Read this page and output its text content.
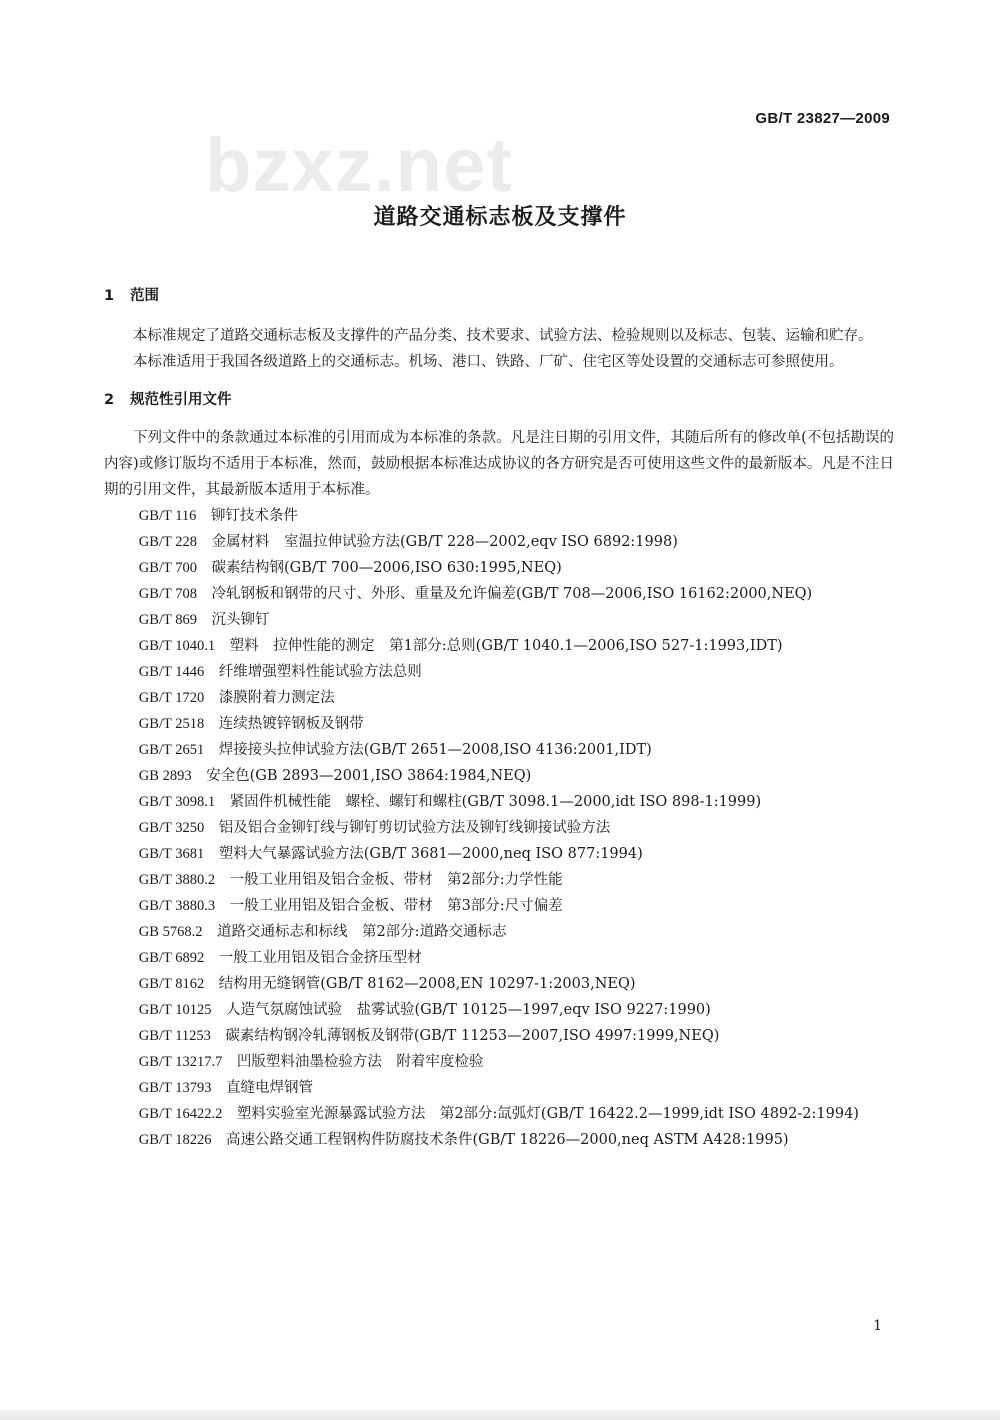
GB/T 23827—2009
bzxz.net
道路交通标志板及支撑件
1 范围

本标准规定了道路交通标志板及支撑件的产品分类、技术要求、试验方法、检验规则以及标志、包装、运输和贮存。

本标准适用于我国各级道路上的交通标志。机场、港口、铁路、厂矿、住宅区等处设置的交通标志可参照使用。

2 规范性引用文件

下列文件中的条款通过本标准的引用而成为本标准的条款。凡是注日期的引用文件，其随后所有的修改单(不包括勘误的内容)或修订版均不适用于本标准，然而，鼓励根据本标准达成协议的各方研究是否可使用这些文件的最新版本。凡是不注日期的引用文件，其最新版本适用于本标准。

GB/T 116 铆钉技术条件
GB/T 228 金属材料　室温拉伸试验方法(GB/T 228—2002,eqv ISO 6892:1998)
GB/T 700 碳素结构钢(GB/T 700—2006,ISO 630:1995,NEQ)
GB/T 708 冷轧钢板和钢带的尺寸、外形、重量及允许偏差(GB/T 708—2006,ISO 16162:2000,NEQ)
GB/T 869 沉头铆钉
GB/T 1040.1 塑料　拉伸性能的测定　第1部分:总则(GB/T 1040.1—2006,ISO 527-1:1993,IDT)
GB/T 1446 纤维增强塑料性能试验方法总则
GB/T 1720 漆膜附着力测定法
GB/T 2518 连续热镀锌钢板及钢带
GB/T 2651 焊接接头拉伸试验方法(GB/T 2651—2008,ISO 4136:2001,IDT)
GB 2893 安全色(GB 2893—2001,ISO 3864:1984,NEQ)
GB/T 3098.1 紧固件机械性能　螺栓、螺钉和螺柱(GB/T 3098.1—2000,idt ISO 898-1:1999)
GB/T 3250 铝及铝合金铆钉线与铆钉剪切试验方法及铆钉线铆接试验方法
GB/T 3681 塑料大气暴露试验方法(GB/T 3681—2000,neq ISO 877:1994)
GB/T 3880.2 一般工业用铝及铝合金板、带材　第2部分:力学性能
GB/T 3880.3 一般工业用铝及铝合金板、带材　第3部分:尺寸偏差
GB 5768.2 道路交通标志和标线　第2部分:道路交通标志
GB/T 6892 一般工业用铝及铝合金挤压型材
GB/T 8162 结构用无缝钢管(GB/T 8162—2008,EN 10297-1:2003,NEQ)
GB/T 10125 人造气氛腐蚀试验　盐雾试验(GB/T 10125—1997,eqv ISO 9227:1990)
GB/T 11253 碳素结构钢冷轧薄钢板及钢带(GB/T 11253—2007,ISO 4997:1999,NEQ)
GB/T 13217.7 凹版塑料油墨检验方法　附着牢度检验
GB/T 13793 直缝电焊钢管
GB/T 16422.2 塑料实验室光源暴露试验方法　第2部分:氙弧灯(GB/T 16422.2—1999,idt ISO 4892-2:1994)
GB/T 18226 高速公路交通工程钢构件防腐技术条件(GB/T 18226—2000,neq ASTM A428:1995)
1
